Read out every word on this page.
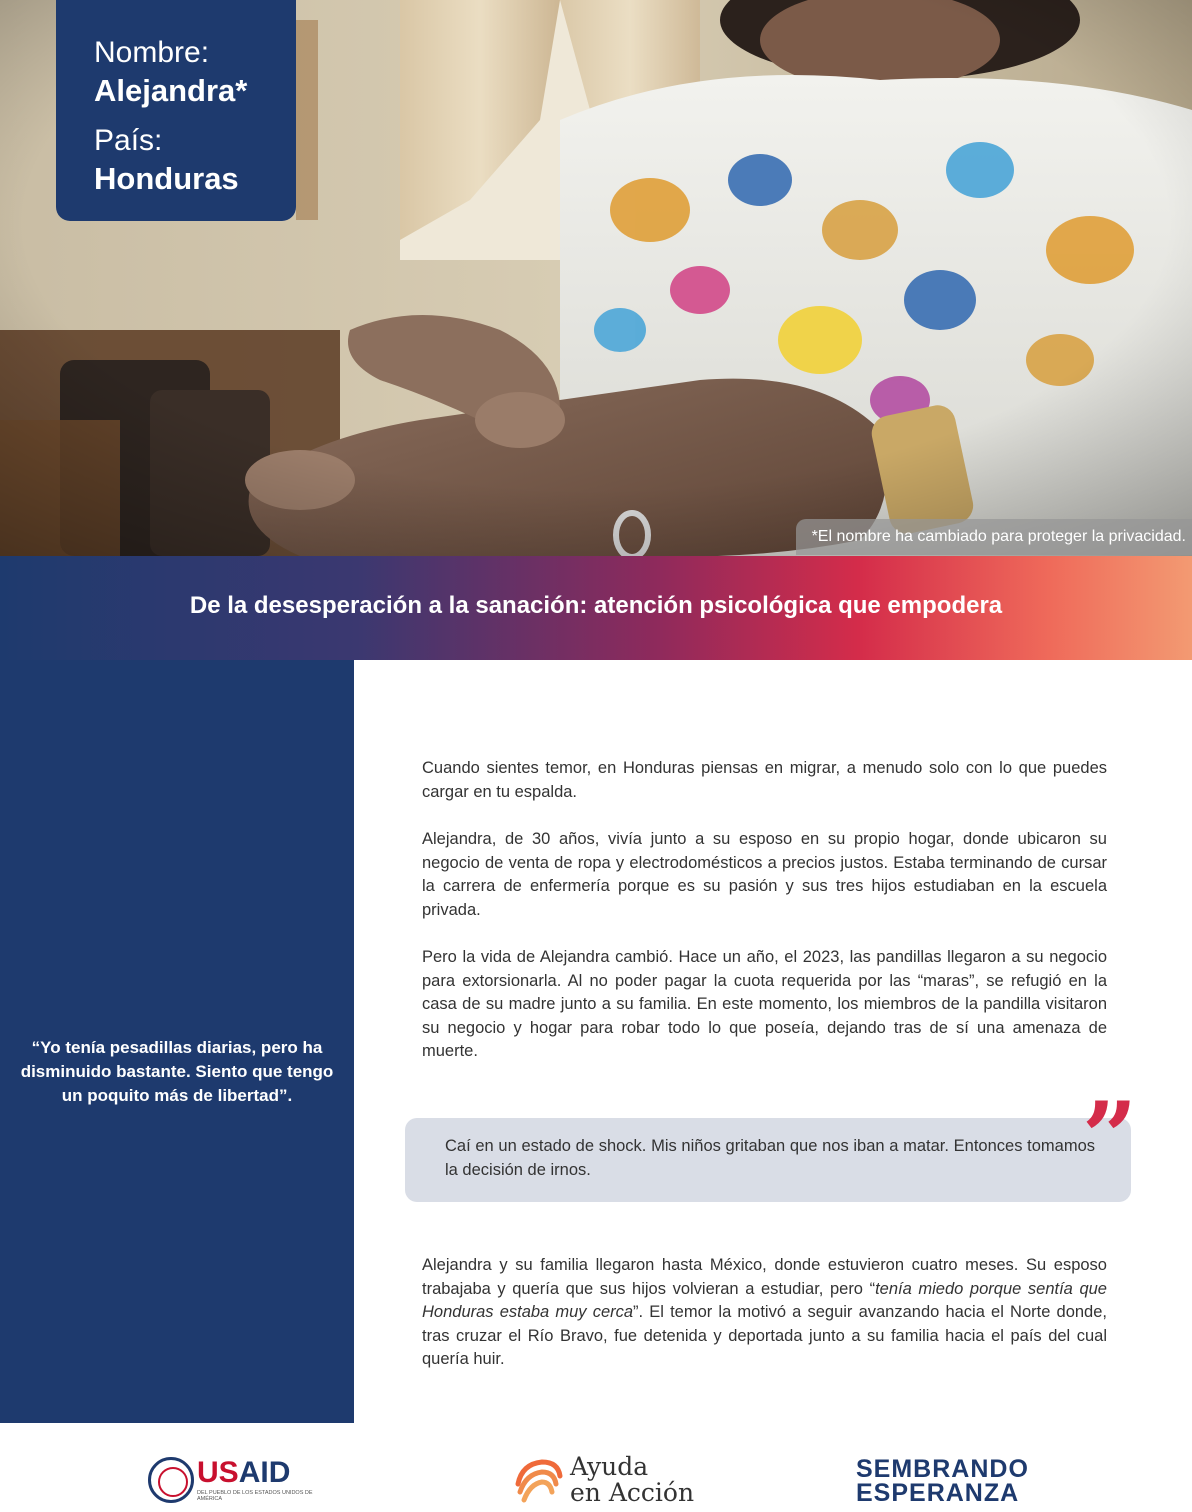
Nombre:
Alejandra*
País:
Honduras
*El nombre ha cambiado para proteger la privacidad.
De la desesperación a la sanación: atención psicológica que empodera
“Yo tenía pesadillas diarias, pero ha disminuido bastante. Siento que tengo un poquito más de libertad”.

Cuando sientes temor, en Honduras piensas en migrar, a menudo solo con lo que puedes cargar en tu espalda.

Alejandra, de 30 años, vivía junto a su esposo en su propio hogar, donde ubicaron su negocio de venta de ropa y electrodomésticos a precios justos. Estaba terminando de cursar la carrera de enfermería porque es su pasión y sus tres hijos estudiaban en la escuela privada.

Pero la vida de Alejandra cambió. Hace un año, el 2023, las pandillas llegaron a su negocio para extorsionarla. Al no poder pagar la cuota requerida por las “maras”, se refugió en la casa de su madre junto a su familia. En este momento, los miembros de la pandilla visitaron su negocio y hogar para robar todo lo que poseía, dejando tras de sí una amenaza de muerte.

Caí en un estado de shock. Mis niños gritaban que nos iban a matar. Entonces tomamos la decisión de irnos.	”
Alejandra y su familia llegaron hasta México, donde estuvieron cuatro meses. Su esposo trabajaba y quería que sus hijos volvieran a estudiar, pero “tenía miedo porque sentía que Honduras estaba muy cerca”. El temor la motivó a seguir avanzando hacia el Norte donde, tras cruzar el Río Bravo, fue detenida y deportada junto a su familia hacia el país del cual quería huir.
USAID
DEL PUEBLO DE LOS ESTADOS UNIDOS DE AMÉRICA
Ayuda
en Acción
SEMBRANDO
ESPERANZA
